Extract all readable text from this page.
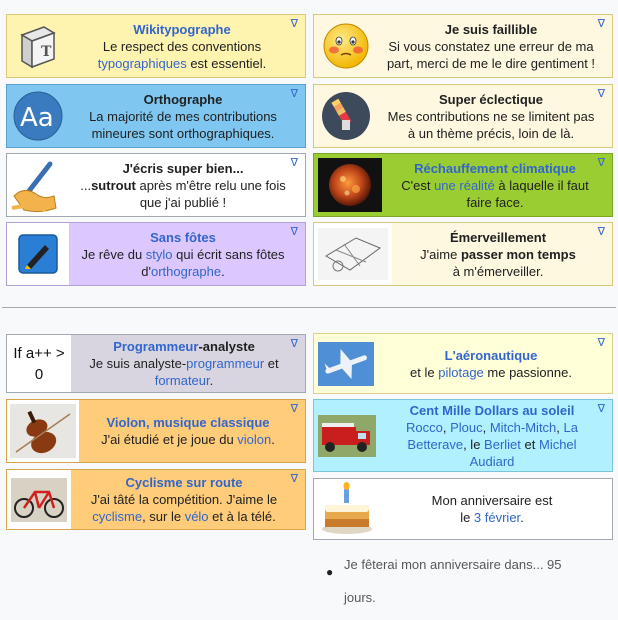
T
Wikitypographe
Le respect des conventions
typographiques est essentiel.
∇	Je suis faillible
Si vous constatez une erreur de ma
part, merci de me le dire gentiment !
∇
Aa
Orthographe
La majorité de mes contributions
mineures sont orthographiques.
∇	Super éclectique
Mes contributions ne se limitent pas
à un thème précis, loin de là.
∇
J'écris super bien...
...sutrout après m'être relu une fois
que j'ai publié !
∇	Réchauffement climatique
C'est une réalité à laquelle il faut
faire face.
∇
Sans fôtes
Je rêve du stylo qui écrit sans fôtes
d'orthographe.
∇	Émerveillement
J'aime passer mon temps
à m'émerveiller.
∇
If a++ > 0
Programmeur-analyste
Je suis analyste-programmeur et
formateur.
∇
Violon, musique classique
J'ai étudié et je joue du violon.
∇
Cyclisme sur route
J'ai tâté la compétition. J'aime le
cyclisme, sur le vélo et à la télé.
∇
L'aéronautique
et le pilotage me passionne.
∇
Cent Mille Dollars au soleil
Rocco, Plouc, Mitch-Mitch, La
Betterave, le Berliet et Michel
Audiard
∇
Mon anniversaire est
le 3 février.
● Je fêterai mon anniversaire dans... 95 jours.
